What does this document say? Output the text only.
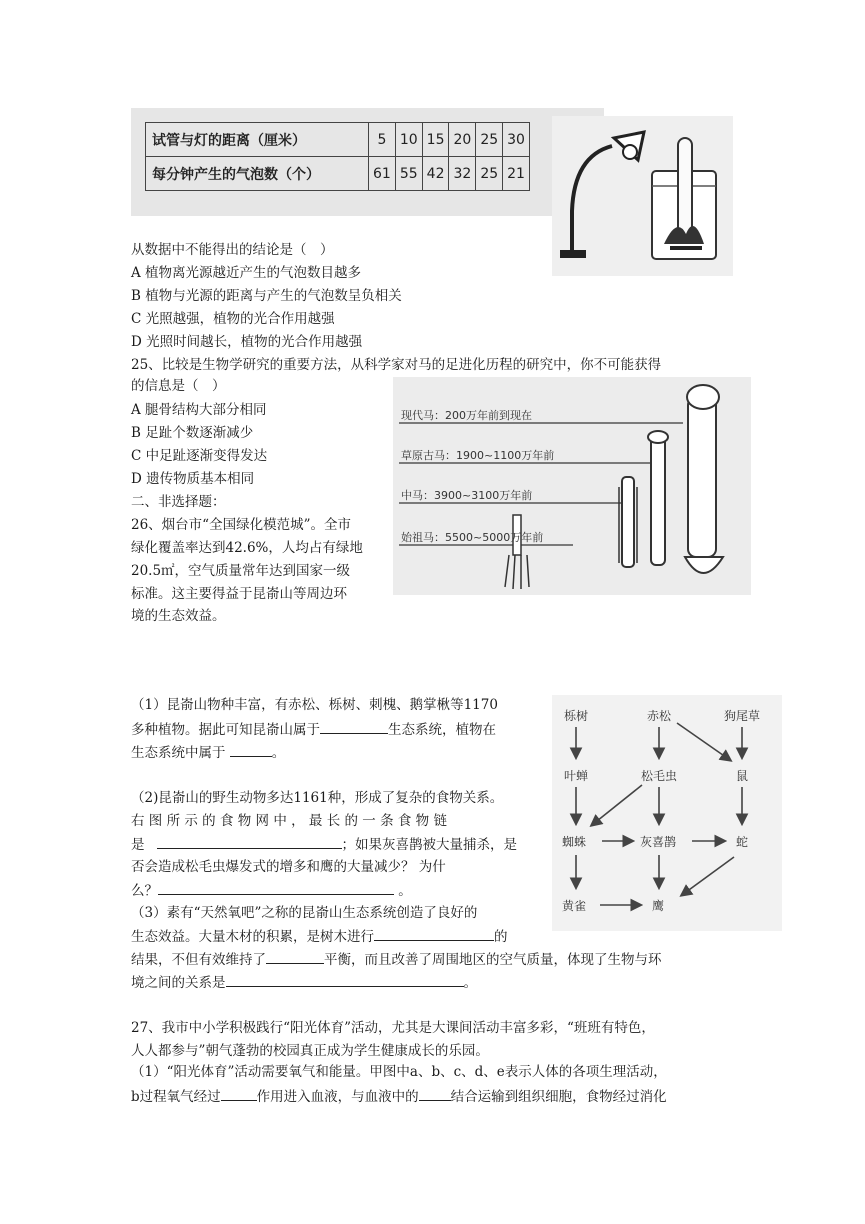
试管与灯的距离（厘米）	5	10	15	20	25	30
每分钟产生的气泡数（个）	61	55	42	32	25	21
从数据中不能得出的结论是（　）
A 植物离光源越近产生的气泡数目越多
B 植物与光源的距离与产生的气泡数呈负相关
C 光照越强，植物的光合作用越强
D 光照时间越长，植物的光合作用越强
25、比较是生物学研究的重要方法，从科学家对马的足进化历程的研究中，你不可能获得
的信息是（　）
A 腿骨结构大部分相同
B 足趾个数逐渐减少
C 中足趾逐渐变得发达
D 遗传物质基本相同
现代马：200万年前到现在
草原古马：1900~1100万年前
中马：3900~3100万年前
始祖马：5500~5000万年前
二、非选择题：
26、烟台市“全国绿化模范城”。全市
绿化覆盖率达到42.6%，人均占有绿地
20.5㎡，空气质量常年达到国家一级
标准。这主要得益于昆嵛山等周边环
境的生态效益。
（1）昆嵛山物种丰富，有赤松、栎树、刺槐、鹅掌楸等1170
多种植物。据此可知昆嵛山属于	生态系统，植物在
生态系统中属于	。
（2)昆嵛山的野生动物多达1161种，形成了复杂的食物关系。
右 图 所 示 的 食 物 网 中 ， 最 长 的 一 条 食 物 链
是	；如果灰喜鹊被大量捕杀，是
否会造成松毛虫爆发式的增多和鹰的大量减少？ 为什
么？	。
（3）素有“天然氧吧”之称的昆嵛山生态系统创造了良好的
生态效益。大量木材的积累，是树木进行	的
结果，不但有效维持了	平衡，而且改善了周围地区的空气质量，体现了生物与环
境之间的关系是	。
栎树	赤松	狗尾草
叶蝉	松毛虫	鼠
蜘蛛	灰喜鹊	蛇
黄雀	鹰
27、我市中小学积极践行“阳光体育”活动，尤其是大课间活动丰富多彩，“班班有特色，
人人都参与”朝气蓬勃的校园真正成为学生健康成长的乐园。
（1）“阳光体育”活动需要氧气和能量。甲图中a、b、c、d、e表示人体的各项生理活动，
b过程氧气经过	作用进入血液，与血液中的 结合运输到组织细胞，食物经过消化
